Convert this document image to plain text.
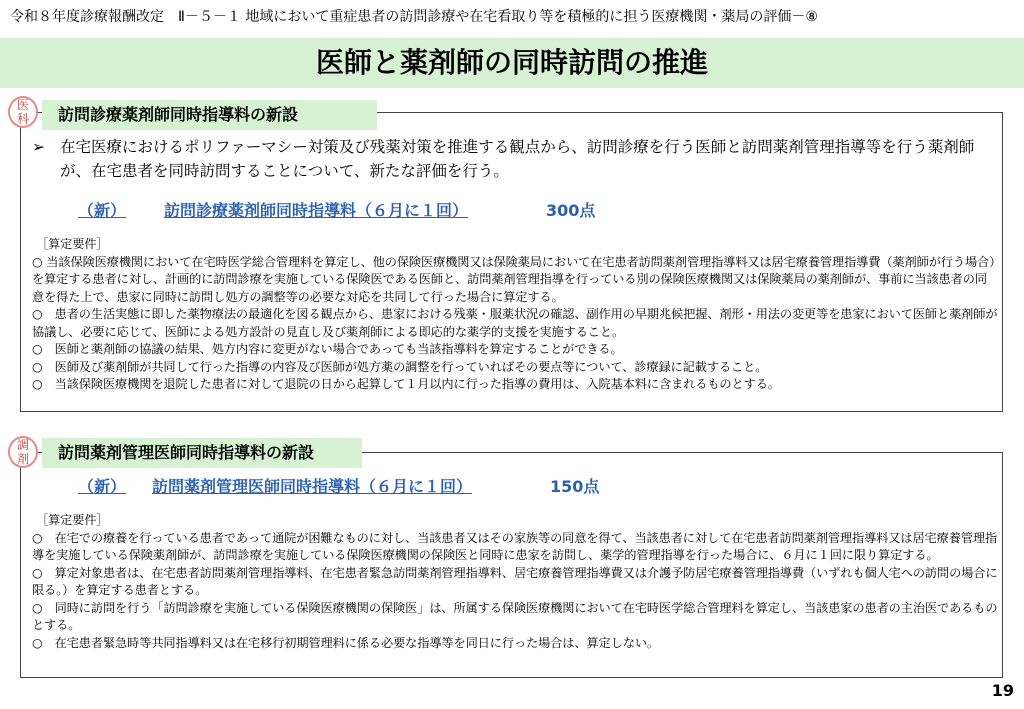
令和８年度診療報酬改定　Ⅱ－５－１ 地域において重症患者の訪問診療や在宅看取り等を積極的に担う医療機関・薬局の評価－⑧
医師と薬剤師の同時訪問の推進
医科	訪問診療薬剤師同時指導料の新設
➢ 在宅医療におけるポリファーマシー対策及び残薬対策を推進する観点から、訪問診療を行う医師と訪問薬剤管理指導等を行う薬剤師が、在宅患者を同時訪問することについて、新たな評価を行う。
（新） 訪問診療薬剤師同時指導料（６月に１回）	300点

［算定要件］

○ 当該保険医療機関において在宅時医学総合管理料を算定し、他の保険医療機関又は保険薬局において在宅患者訪問薬剤管理指導料又は居宅療養管理指導費（薬剤師が行う場合）を算定する患者に対し、計画的に訪問診療を実施している保険医である医師と、訪問薬剤管理指導を行っている別の保険医療機関又は保険薬局の薬剤師が、事前に当該患者の同意を得た上で、患家に同時に訪問し処方の調整等の必要な対応を共同して行った場合に算定する。

○　患者の生活実態に即した薬物療法の最適化を図る観点から、患家における残薬・服薬状況の確認、副作用の早期兆候把握、剤形・用法の変更等を患家において医師と薬剤師が協議し、必要に応じて、医師による処方設計の見直し及び薬剤師による即応的な薬学的支援を実施すること。

○　医師と薬剤師の協議の結果、処方内容に変更がない場合であっても当該指導料を算定することができる。

○　医師及び薬剤師が共同して行った指導の内容及び医師が処方薬の調整を行っていればその要点等について、診療録に記載すること。

○　当該保険医療機関を退院した患者に対して退院の日から起算して１月以内に行った指導の費用は、入院基本料に含まれるものとする。

調剤	訪問薬剤管理医師同時指導料の新設
（新） 訪問薬剤管理医師同時指導料（６月に１回）	150点

［算定要件］

○　在宅での療養を行っている患者であって通院が困難なものに対し、当該患者又はその家族等の同意を得て、当該患者に対して在宅患者訪問薬剤管理指導料又は居宅療養管理指導を実施している保険薬剤師が、訪問診療を実施している保険医療機関の保険医と同時に患家を訪問し、薬学的管理指導を行った場合に、６月に１回に限り算定する。

○　算定対象患者は、在宅患者訪問薬剤管理指導料、在宅患者緊急訪問薬剤管理指導料、居宅療養管理指導費又は介護予防居宅療養管理指導費（いずれも個人宅への訪問の場合に限る。）を算定する患者とする。

○　同時に訪問を行う「訪問診療を実施している保険医療機関の保険医」は、所属する保険医療機関において在宅時医学総合管理料を算定し、当該患家の患者の主治医であるものとする。

○　在宅患者緊急時等共同指導料又は在宅移行初期管理料に係る必要な指導等を同日に行った場合は、算定しない。

19
